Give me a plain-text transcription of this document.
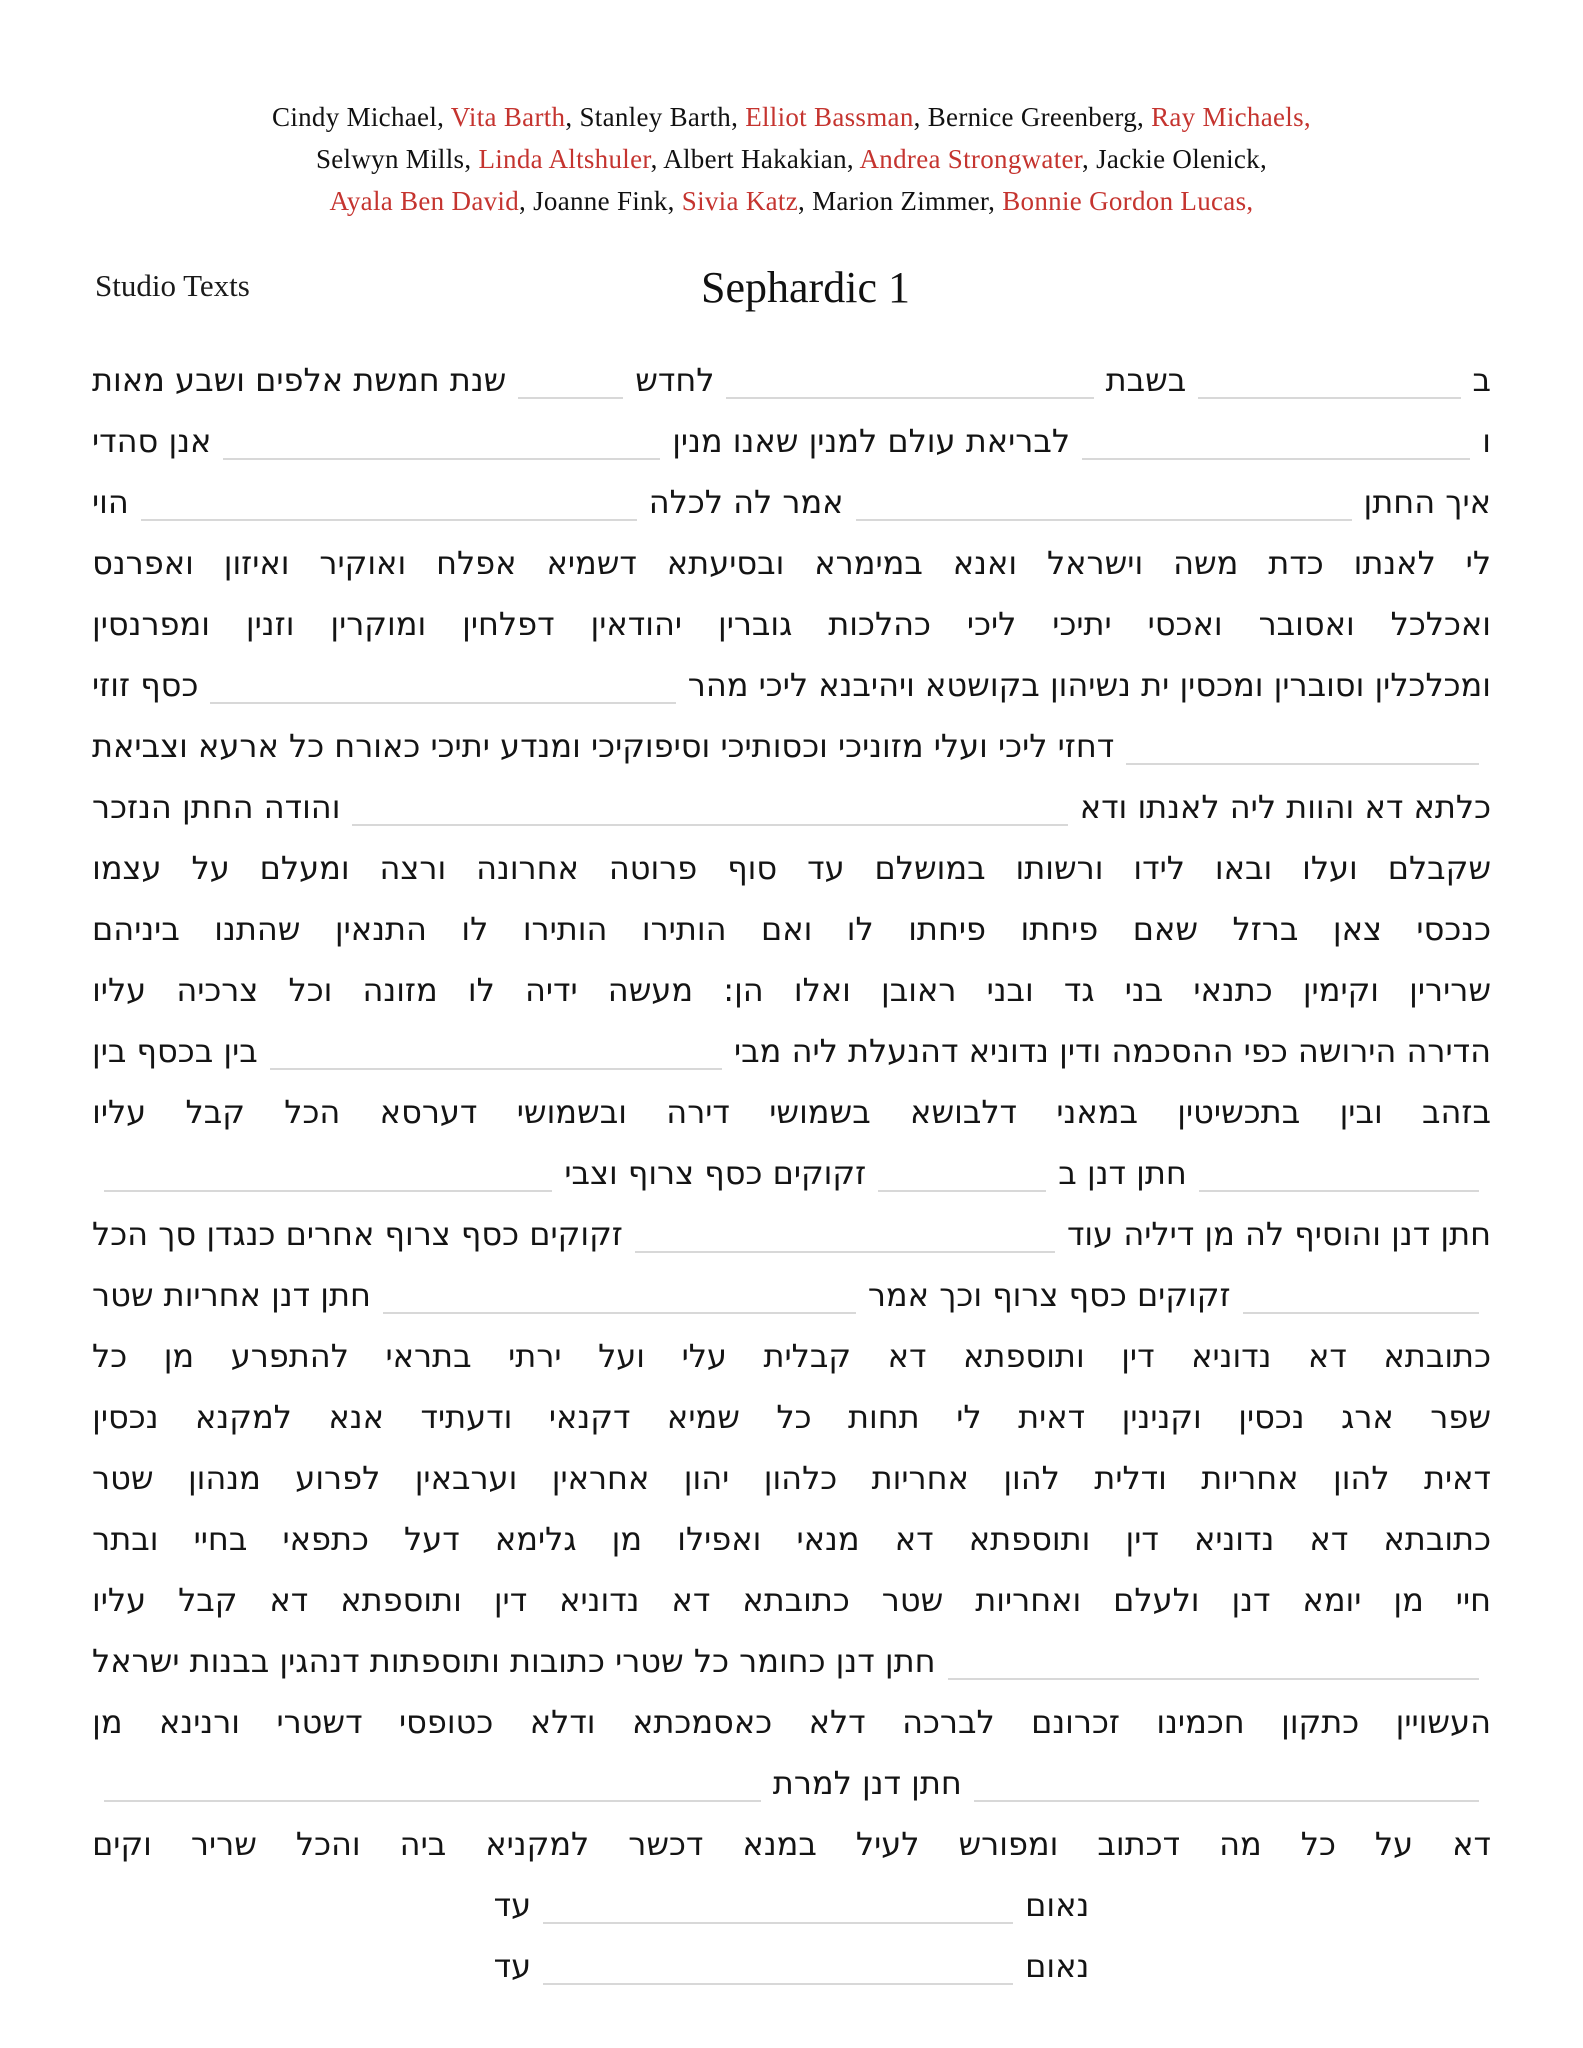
Cindy Michael, Vita Barth, Stanley Barth, Elliot Bassman, Bernice Greenberg, Ray Michaels,
Selwyn Mills, Linda Altshuler, Albert Hakakian, Andrea Strongwater, Jackie Olenick,
Ayala Ben David, Joanne Fink, Sivia Katz, Marion Zimmer, Bonnie Gordon Lucas,
Studio Texts	Sephardic 1
ב
בשבת
לחדש
שנת חמשת אלפים ושבע מאות
ו
לבריאת עולם למנין שאנו מנין
אנן סהדי
איך החתן
אמר לה לכלה
הוי
לי
לאנתו
כדת
משה
וישראל
ואנא
במימרא
ובסיעתא
דשמיא
אפלח
ואוקיר
ואיזון
ואפרנס
ואכלכל
ואסובר
ואכסי
יתיכי
ליכי
כהלכות
גוברין
יהודאין
דפלחין
ומוקרין
וזנין
ומפרנסין
ומכלכלין וסוברין ומכסין ית נשיהון בקושטא ויהיבנא ליכי מהר
כסף זוזי
דחזי ליכי ועלי מזוניכי וכסותיכי וסיפוקיכי ומנדע יתיכי כאורח כל ארעא וצביאת
כלתא דא והוות ליה לאנתו ודא
והודה החתן הנזכר
שקבלם
ועלו
ובאו
לידו
ורשותו
במושלם
עד
סוף
פרוטה
אחרונה
ורצה
ומעלם
על
עצמו
כנכסי
צאן
ברזל
שאם
פיחתו
פיחתו
לו
ואם
הותירו
הותירו
לו
התנאין
שהתנו
ביניהם
שרירין
וקימין
כתנאי
בני
גד
ובני
ראובן
ואלו
הן:
מעשה
ידיה
לו
מזונה
וכל
צרכיה
עליו
הדירה הירושה כפי ההסכמה ודין נדוניא דהנעלת ליה מבי
בין בכסף בין
בזהב
ובין
בתכשיטין
במאני
דלבושא
בשמושי
דירה
ובשמושי
דערסא
הכל
קבל
עליו
חתן דנן ב
זקוקים כסף צרוף וצבי
חתן דנן והוסיף לה מן דיליה עוד
זקוקים כסף צרוף אחרים כנגדן סך הכל
זקוקים כסף צרוף וכך אמר
חתן דנן אחריות שטר
כתובתא
דא
נדוניא
דין
ותוספתא
דא
קבלית
עלי
ועל
ירתי
בתראי
להתפרע
מן
כל
שפר
ארג
נכסין
וקנינין
דאית
לי
תחות
כל
שמיא
דקנאי
ודעתיד
אנא
למקנא
נכסין
דאית
להון
אחריות
ודלית
להון
אחריות
כלהון
יהון
אחראין
וערבאין
לפרוע
מנהון
שטר
כתובתא
דא
נדוניא
דין
ותוספתא
דא
מנאי
ואפילו
מן
גלימא
דעל
כתפאי
בחיי
ובתר
חיי
מן
יומא
דנן
ולעלם
ואחריות
שטר
כתובתא
דא
נדוניא
דין
ותוספתא
דא
קבל
עליו
חתן דנן כחומר כל שטרי כתובות ותוספתות דנהגין בבנות ישראל
העשויין
כתקון
חכמינו
זכרונם
לברכה
דלא
כאסמכתא
ודלא
כטופסי
דשטרי
ורנינא
מן
חתן דנן למרת
דא
על
כל
מה
דכתוב
ומפורש
לעיל
במנא
דכשר
למקניא
ביה
והכל
שריר
וקים
נאום
עד
נאום
עד
